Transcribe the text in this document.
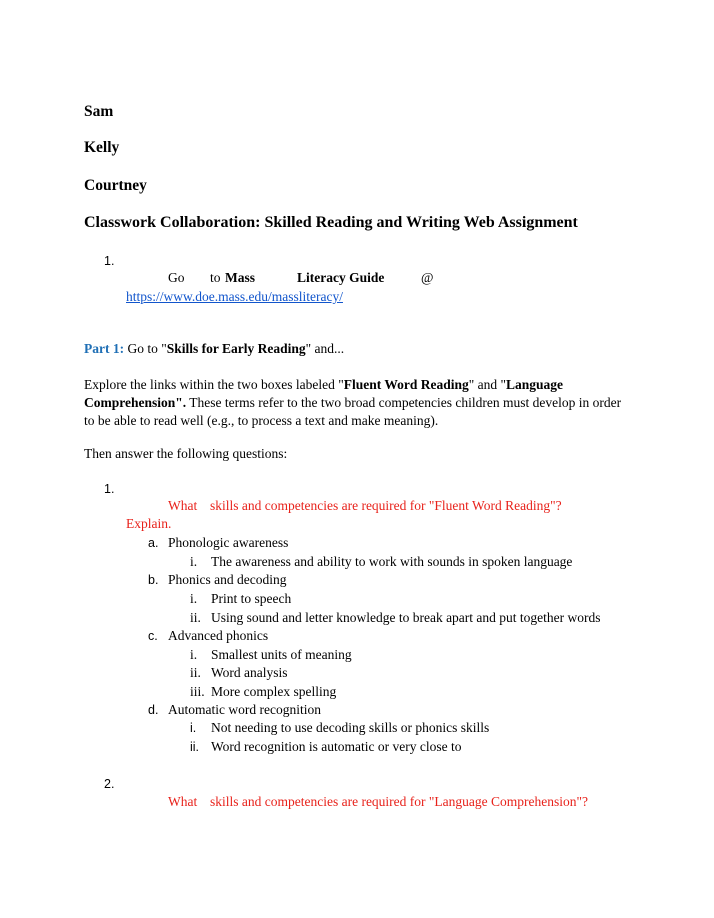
Sam
Kelly
Courtney
Classwork Collaboration: Skilled Reading and Writing Web Assignment
1.
Go to Mass	Literacy Guide	@
https://www.doe.mass.edu/massliteracy/
Part 1: Go to "Skills for Early Reading" and...
Explore the links within the two boxes labeled "Fluent Word Reading" and "Language Comprehension". These terms refer to the two broad competencies children must develop in order to be able to read well (e.g., to process a text and make meaning).
Then answer the following questions:
1.
What skills and competencies are required for "Fluent Word Reading"?
Explain.
a. Phonologic awareness
i. The awareness and ability to work with sounds in spoken language
b. Phonics and decoding
i. Print to speech
ii. Using sound and letter knowledge to break apart and put together words
c. Advanced phonics
i. Smallest units of meaning
ii. Word analysis
iii. More complex spelling
d. Automatic word recognition
i. Not needing to use decoding skills or phonics skills
ii. Word recognition is automatic or very close to
2.
What skills and competencies are required for "Language Comprehension"?
